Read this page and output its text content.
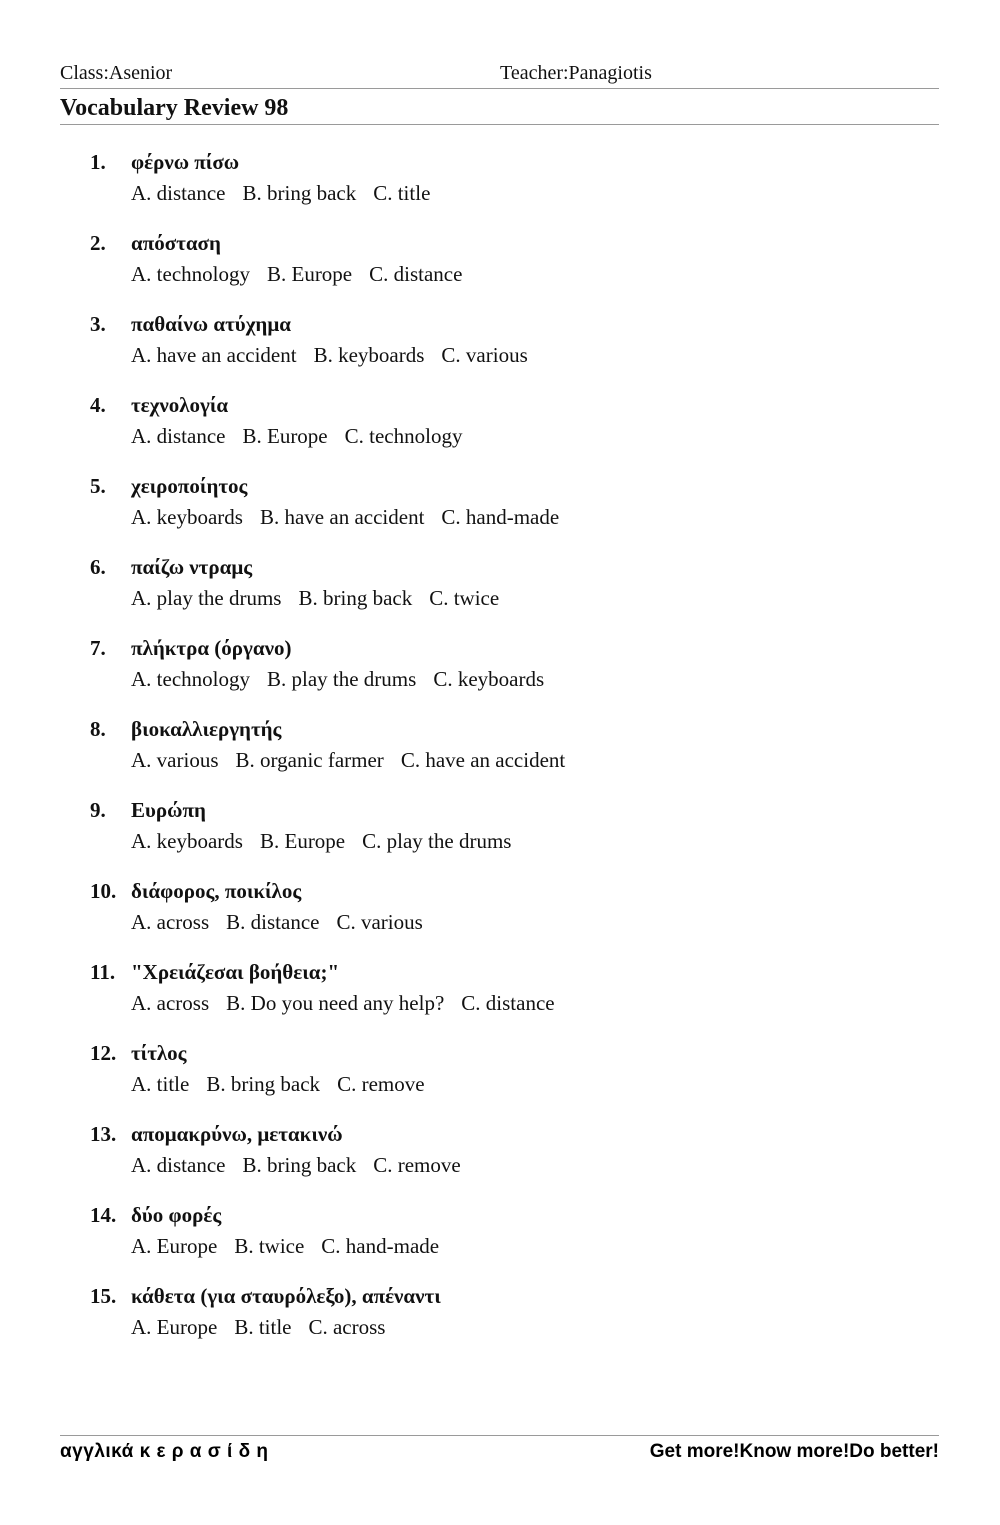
Class:Asenior	Teacher:Panagiotis
Vocabulary Review 98
1. φέρνω πίσω
A. distance B. bring back C. title
2. απόσταση
A. technology B. Europe C. distance
3. παθαίνω ατύχημα
A. have an accident B. keyboards C. various
4. τεχνολογία
A. distance B. Europe C. technology
5. χειροποίητος
A. keyboards B. have an accident C. hand-made
6. παίζω ντραμς
A. play the drums B. bring back C. twice
7. πλήκτρα (όργανο)
A. technology B. play the drums C. keyboards
8. βιοκαλλιεργητής
A. various B. organic farmer C. have an accident
9. Ευρώπη
A. keyboards B. Europe C. play the drums
10. διάφορος, ποικίλος
A. across B. distance C. various
11. "Χρειάζεσαι βοήθεια;"
A. across B. Do you need any help? C. distance
12. τίτλος
A. title B. bring back C. remove
13. απομακρύνω, μετακινώ
A. distance B. bring back C. remove
14. δύο φορές
A. Europe B. twice C. hand-made
15. κάθετα (για σταυρόλεξο), απέναντι
A. Europe B. title C. across
αγγλικά κ ε ρ α σ ί δ η	Get more!Know more!Do better!
